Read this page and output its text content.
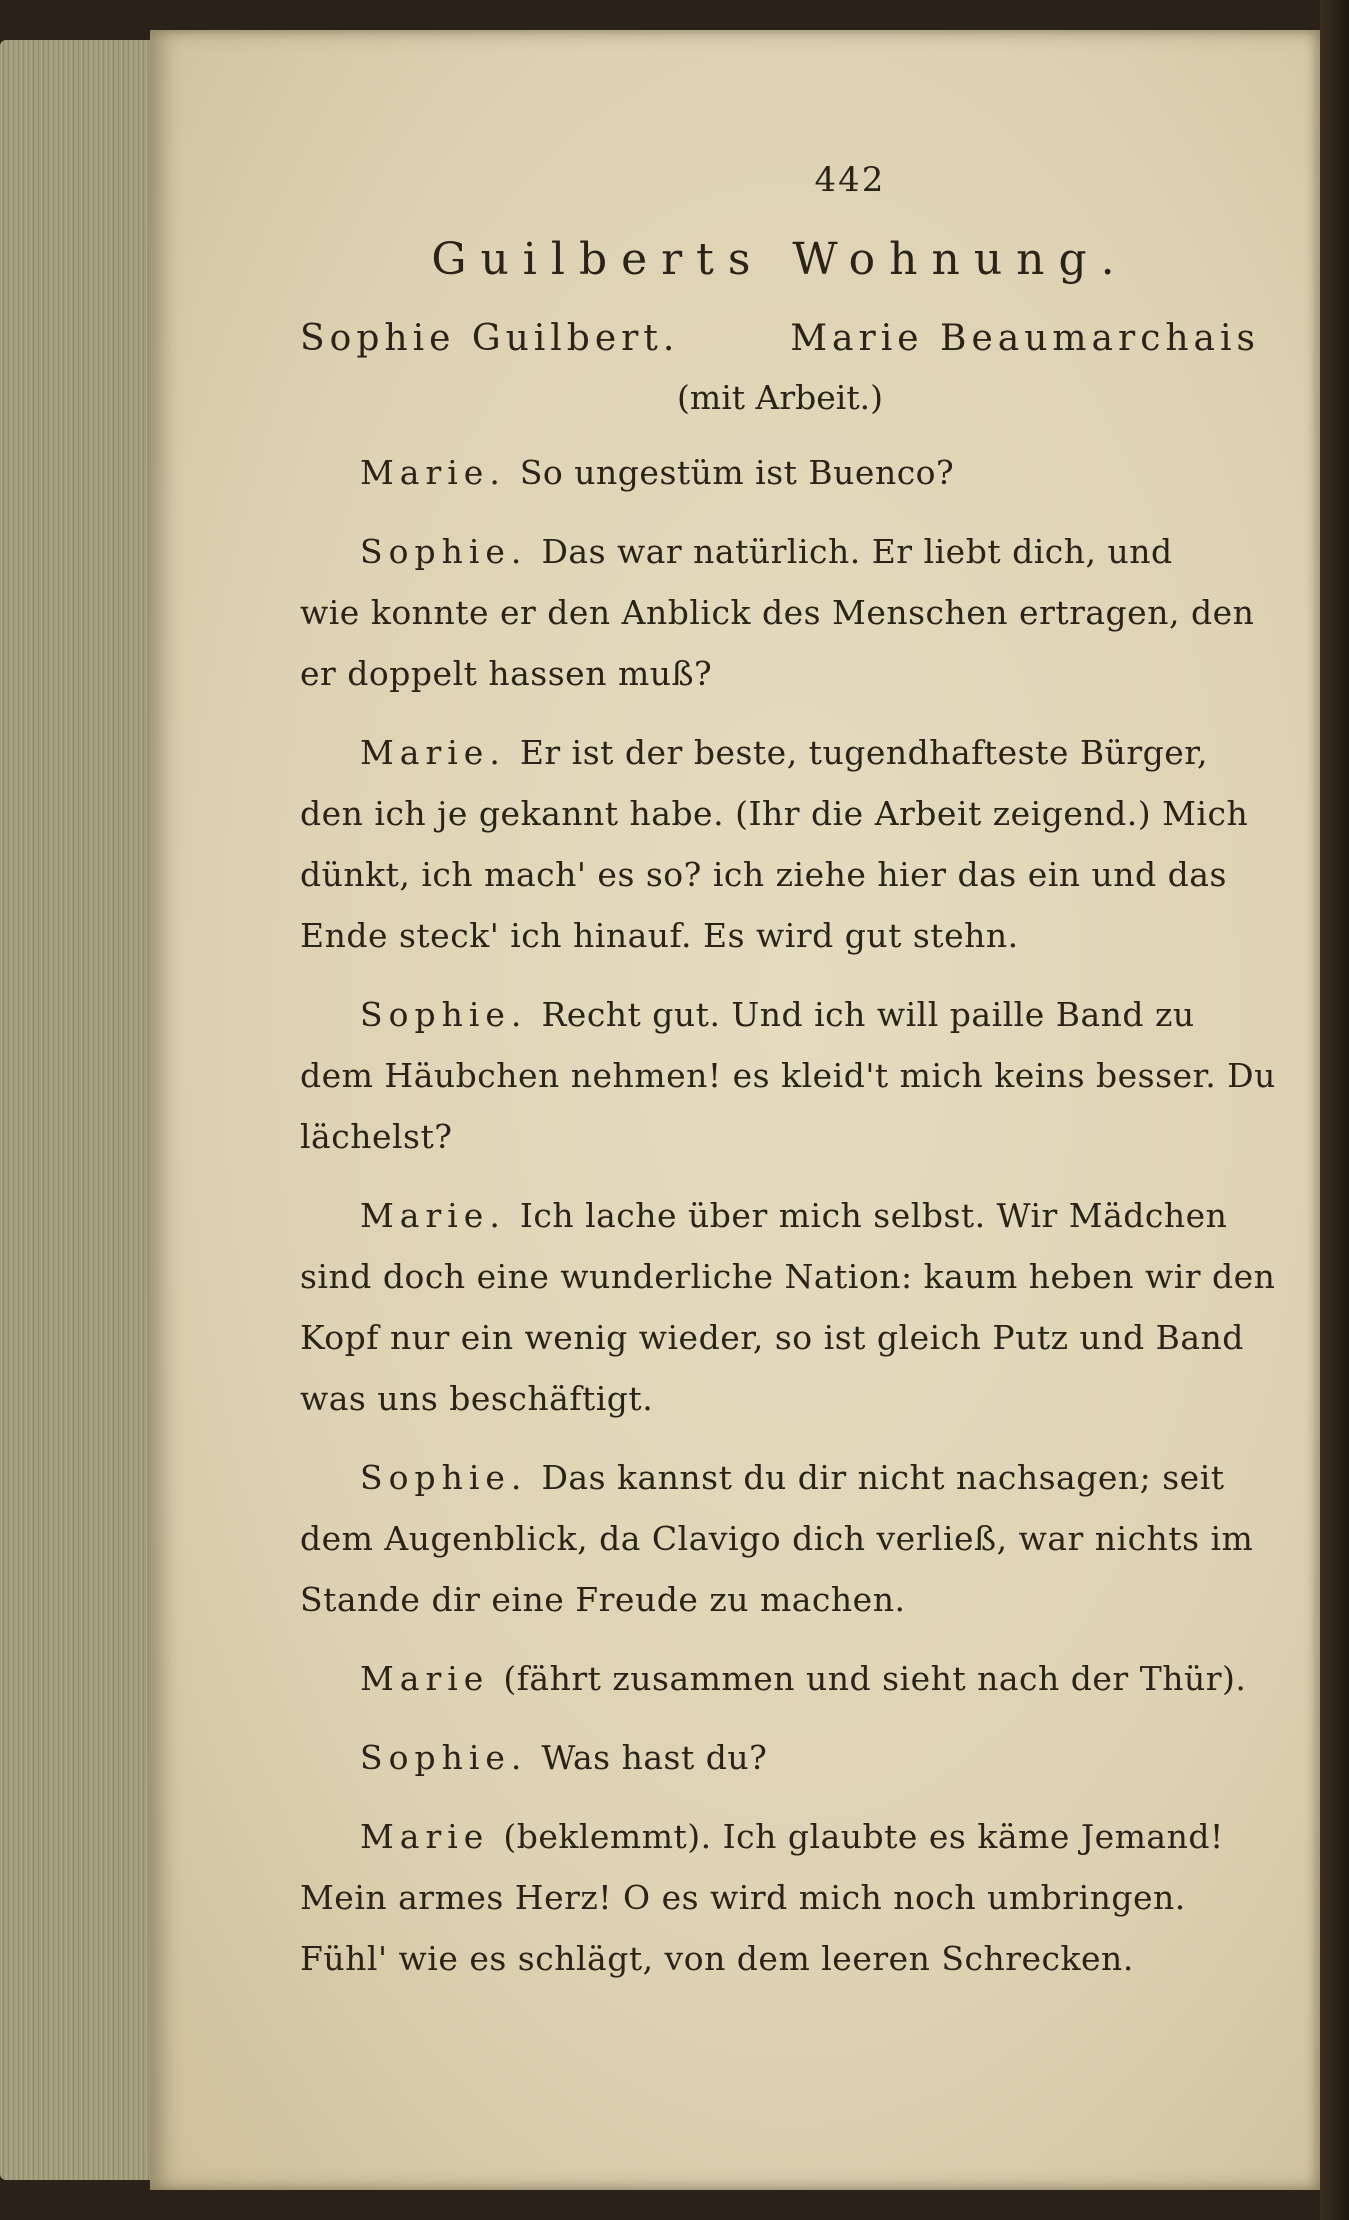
442
Guilberts Wohnung.
Sophie Guilbert.	Marie Beaumarchais
(mit Arbeit.)
Marie. So ungestüm ist Buenco?
Sophie. Das war natürlich. Er liebt dich, und
wie konnte er den Anblick des Menschen ertragen, den
er doppelt hassen muß?
Marie. Er ist der beste, tugendhafteste Bürger,
den ich je gekannt habe. (Ihr die Arbeit zeigend.) Mich
dünkt, ich mach' es so? ich ziehe hier das ein und das
Ende steck' ich hinauf. Es wird gut stehn.
Sophie. Recht gut. Und ich will paille Band zu
dem Häubchen nehmen! es kleid't mich keins besser. Du
lächelst?
Marie. Ich lache über mich selbst. Wir Mädchen
sind doch eine wunderliche Nation: kaum heben wir den
Kopf nur ein wenig wieder, so ist gleich Putz und Band
was uns beschäftigt.
Sophie. Das kannst du dir nicht nachsagen; seit
dem Augenblick, da Clavigo dich verließ, war nichts im
Stande dir eine Freude zu machen.
Marie (fährt zusammen und sieht nach der Thür).
Sophie. Was hast du?
Marie (beklemmt). Ich glaubte es käme Jemand!
Mein armes Herz! O es wird mich noch umbringen.
Fühl' wie es schlägt, von dem leeren Schrecken.
